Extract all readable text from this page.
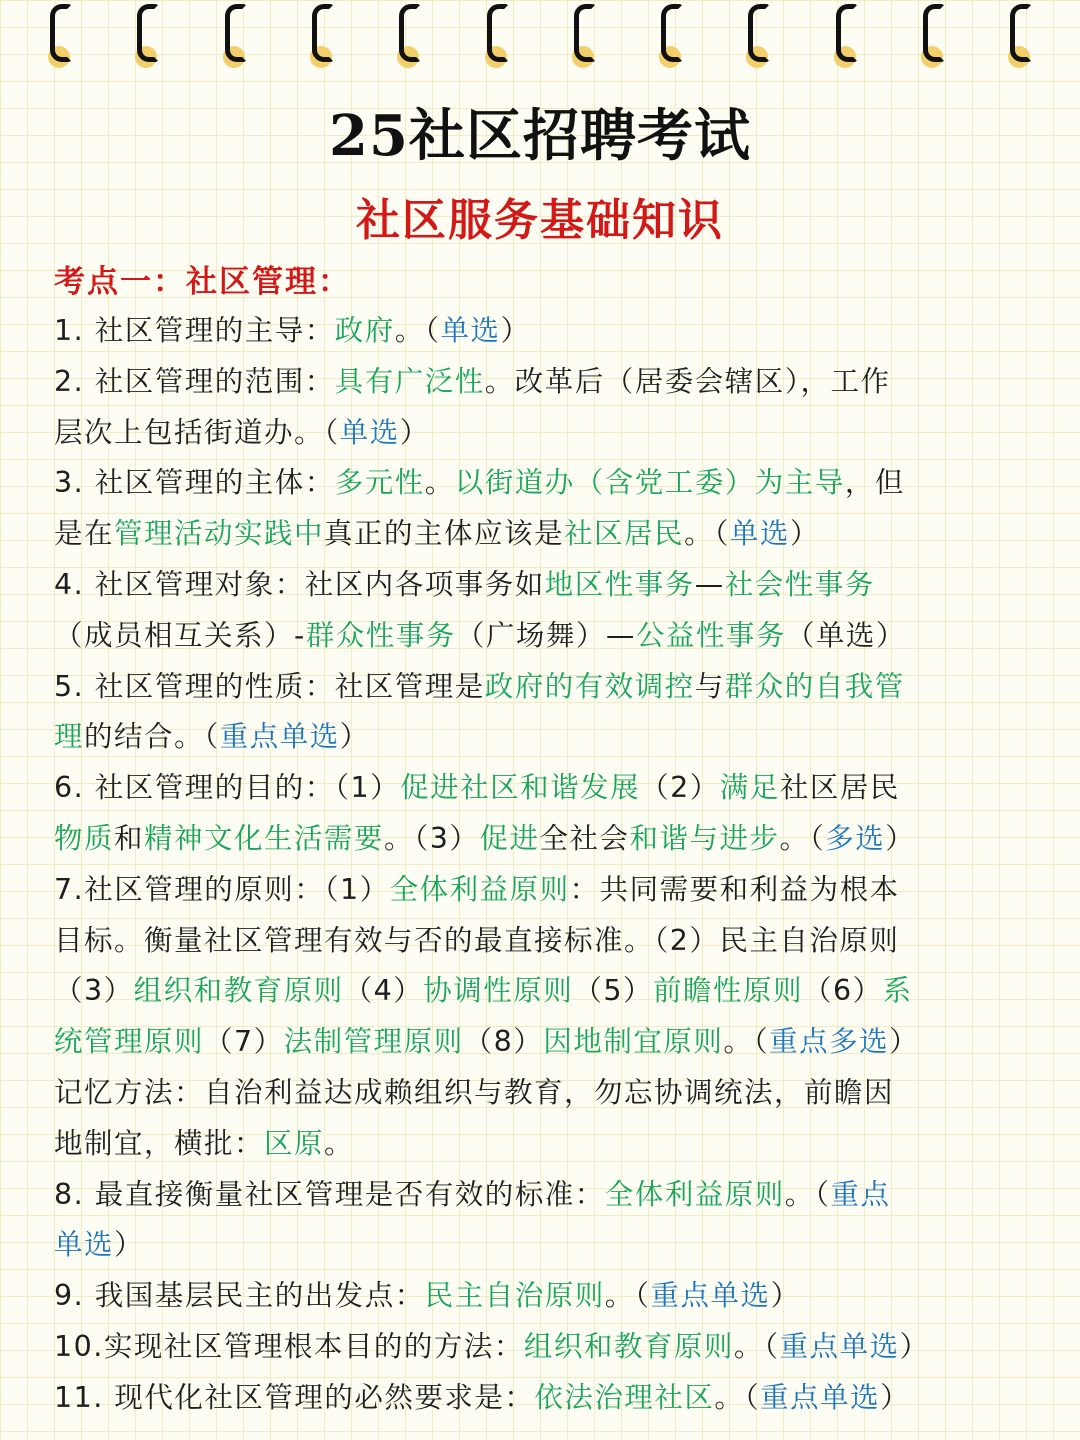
25社区招聘考试
社区服务基础知识
考点一：社区管理：
1. 社区管理的主导：政府。（单选）
2. 社区管理的范围：具有广泛性。改革后（居委会辖区），工作
层次上包括街道办。（单选）
3. 社区管理的主体：多元性。以街道办（含党工委）为主导，但
是在管理活动实践中真正的主体应该是社区居民。（单选）
4. 社区管理对象：社区内各项事务如地区性事务—社会性事务
（成员相互关系）-群众性事务（广场舞）—公益性事务（单选）
5. 社区管理的性质：社区管理是政府的有效调控与群众的自我管
理的结合。（重点单选）
6. 社区管理的目的：（1）促进社区和谐发展（2）满足社区居民
物质和精神文化生活需要。（3）促进全社会和谐与进步。（多选）
7.社区管理的原则：（1）全体利益原则：共同需要和利益为根本
目标。衡量社区管理有效与否的最直接标准。（2）民主自治原则
（3）组织和教育原则（4）协调性原则（5）前瞻性原则（6）系
统管理原则（7）法制管理原则（8）因地制宜原则。（重点多选）
记忆方法：自治利益达成赖组织与教育，勿忘协调统法，前瞻因
地制宜，横批：区原。
8. 最直接衡量社区管理是否有效的标准：全体利益原则。（重点
单选）
9. 我国基层民主的出发点：民主自治原则。（重点单选）
10.实现社区管理根本目的的方法：组织和教育原则。（重点单选）
11. 现代化社区管理的必然要求是：依法治理社区。（重点单选）
